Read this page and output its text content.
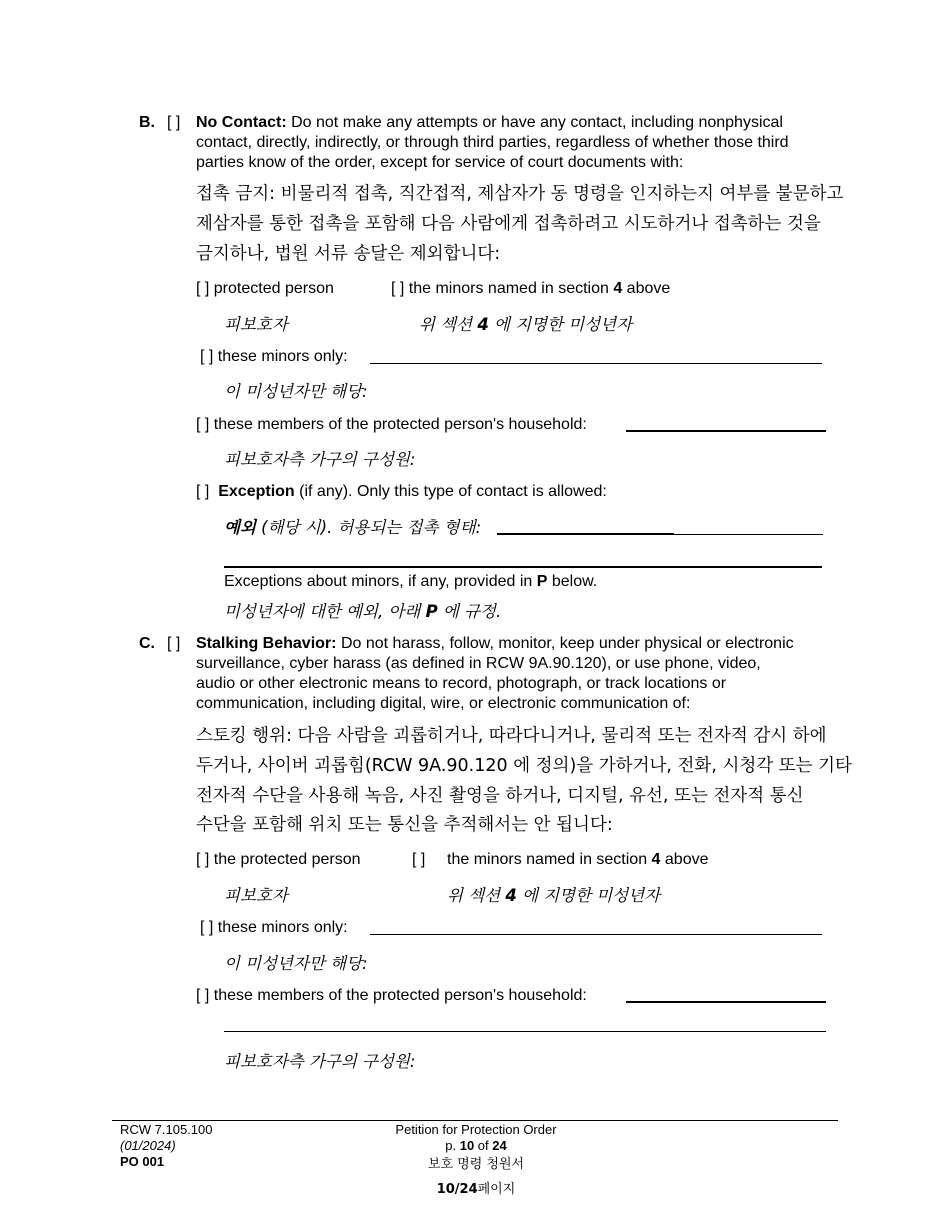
B. [ ] No Contact: Do not make any attempts or have any contact, including nonphysical
contact, directly, indirectly, or through third parties, regardless of whether those third
parties know of the order, except for service of court documents with:
접촉 금지: 비물리적 접촉, 직간접적, 제삼자가 동 명령을 인지하는지 여부를 불문하고
제삼자를 통한 접촉을 포함해 다음 사람에게 접촉하려고 시도하거나 접촉하는 것을
금지하나, 법원 서류 송달은 제외합니다:
[ ] protected person	[ ] the minors named in section 4 above
피보호자	위 섹션 4 에 지명한 미성년자
[ ] these minors only:
이 미성년자만 해당:
[ ] these members of the protected person's household:
피보호자측 가구의 구성원:
[ ] Exception (if any). Only this type of contact is allowed:
예외 (해당 시). 허용되는 접촉 형태:
Exceptions about minors, if any, provided in P below.
미성년자에 대한 예외, 아래 P 에 규정.
C. [ ] Stalking Behavior: Do not harass, follow, monitor, keep under physical or electronic
surveillance, cyber harass (as defined in RCW 9A.90.120), or use phone, video,
audio or other electronic means to record, photograph, or track locations or
communication, including digital, wire, or electronic communication of:
스토킹 행위: 다음 사람을 괴롭히거나, 따라다니거나, 물리적 또는 전자적 감시 하에
두거나, 사이버 괴롭힘(RCW 9A.90.120 에 정의)을 가하거나, 전화, 시청각 또는 기타
전자적 수단을 사용해 녹음, 사진 촬영을 하거나, 디지털, 유선, 또는 전자적 통신
수단을 포함해 위치 또는 통신을 추적해서는 안 됩니다:
[ ] the protected person	[ ] the minors named in section 4 above
피보호자	위 섹션 4 에 지명한 미성년자
[ ] these minors only:
이 미성년자만 해당:
[ ] these members of the protected person's household:
피보호자측 가구의 구성원:
RCW 7.105.100
(01/2024)
PO 001
Petition for Protection Order
p. 10 of 24
보호 명령 청원서
10/24페이지
